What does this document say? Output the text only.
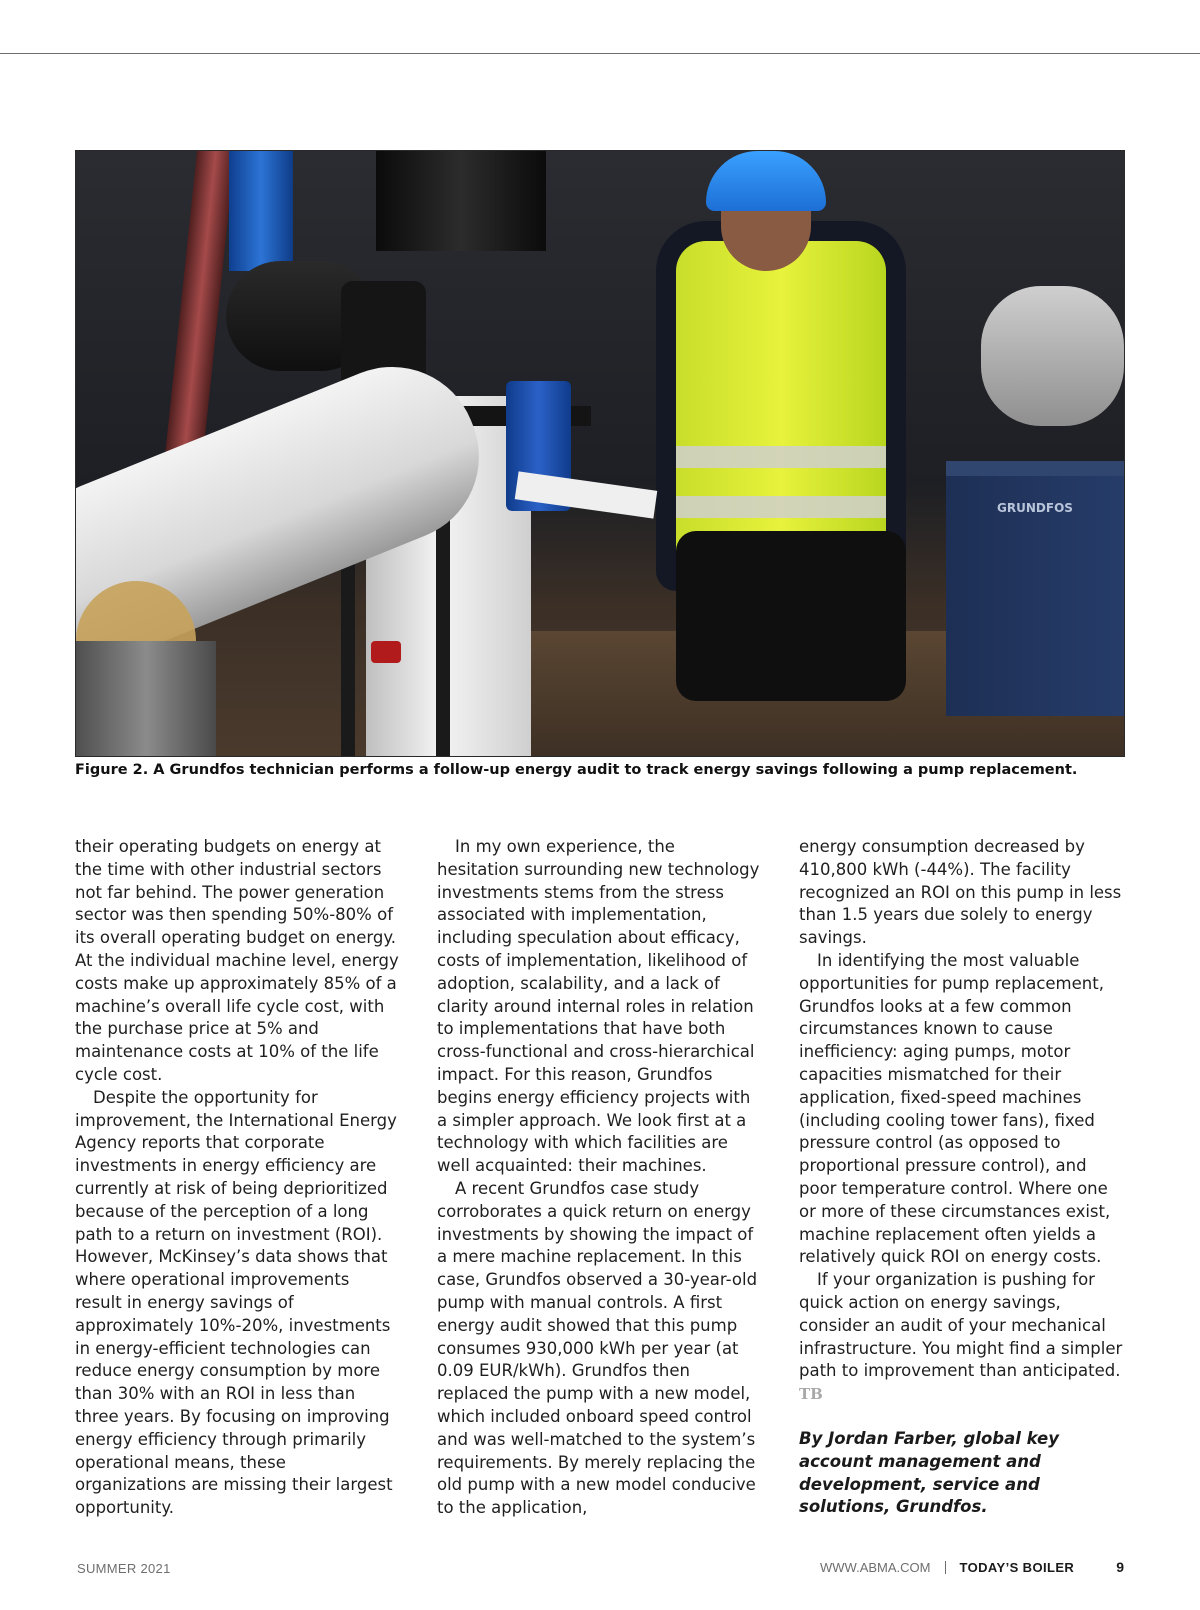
GRUNDFOS
Figure 2. A Grundfos technician performs a follow-up energy audit to track energy savings following a pump replacement.

their operating budgets on energy at the time with other industrial sectors not far behind. The power generation sector was then spending 50%-80% of its overall operating budget on energy. At the individual machine level, energy costs make up approximately 85% of a machine’s overall life cycle cost, with the purchase price at 5% and maintenance costs at 10% of the life cycle cost.

Despite the opportunity for improvement, the International Energy Agency reports that corporate investments in energy efficiency are currently at risk of being deprioritized because of the perception of a long path to a return on investment (ROI). However, McKinsey’s data shows that where operational improvements result in energy savings of approximately 10%-20%, investments in energy-efficient technologies can reduce energy consumption by more than 30% with an ROI in less than three years. By focusing on improving energy efficiency through primarily operational means, these organizations are missing their largest opportunity.

In my own experience, the hesitation surrounding new technology investments stems from the stress associated with implementation, including speculation about efficacy, costs of implementation, likelihood of adoption, scalability, and a lack of clarity around internal roles in relation to implementations that have both cross-functional and cross-hierarchical impact. For this reason, Grundfos begins energy efficiency projects with a simpler approach. We look first at a technology with which facilities are well acquainted: their machines.

A recent Grundfos case study corroborates a quick return on energy investments by showing the impact of a mere machine replacement. In this case, Grundfos observed a 30-year-old pump with manual controls. A first energy audit showed that this pump consumes 930,000 kWh per year (at 0.09 EUR/kWh). Grundfos then replaced the pump with a new model, which included onboard speed control and was well-matched to the system’s requirements. By merely replacing the old pump with a new model conducive to the application,

energy consumption decreased by 410,800 kWh (-44%). The facility recognized an ROI on this pump in less than 1.5 years due solely to energy savings.

In identifying the most valuable opportunities for pump replacement, Grundfos looks at a few common circumstances known to cause inefficiency: aging pumps, motor capacities mismatched for their application, fixed-speed machines (including cooling tower fans), fixed pressure control (as opposed to proportional pressure control), and poor temperature control. Where one or more of these circumstances exist, machine replacement often yields a relatively quick ROI on energy costs.

If your organization is pushing for quick action on energy savings, consider an audit of your mechanical infrastructure. You might find a simpler path to improvement than anticipated. TB

By Jordan Farber, global key account management and development, service and solutions, Grundfos.

SUMMER 2021	WWW.ABMA.COM TODAY’S BOILER	9
